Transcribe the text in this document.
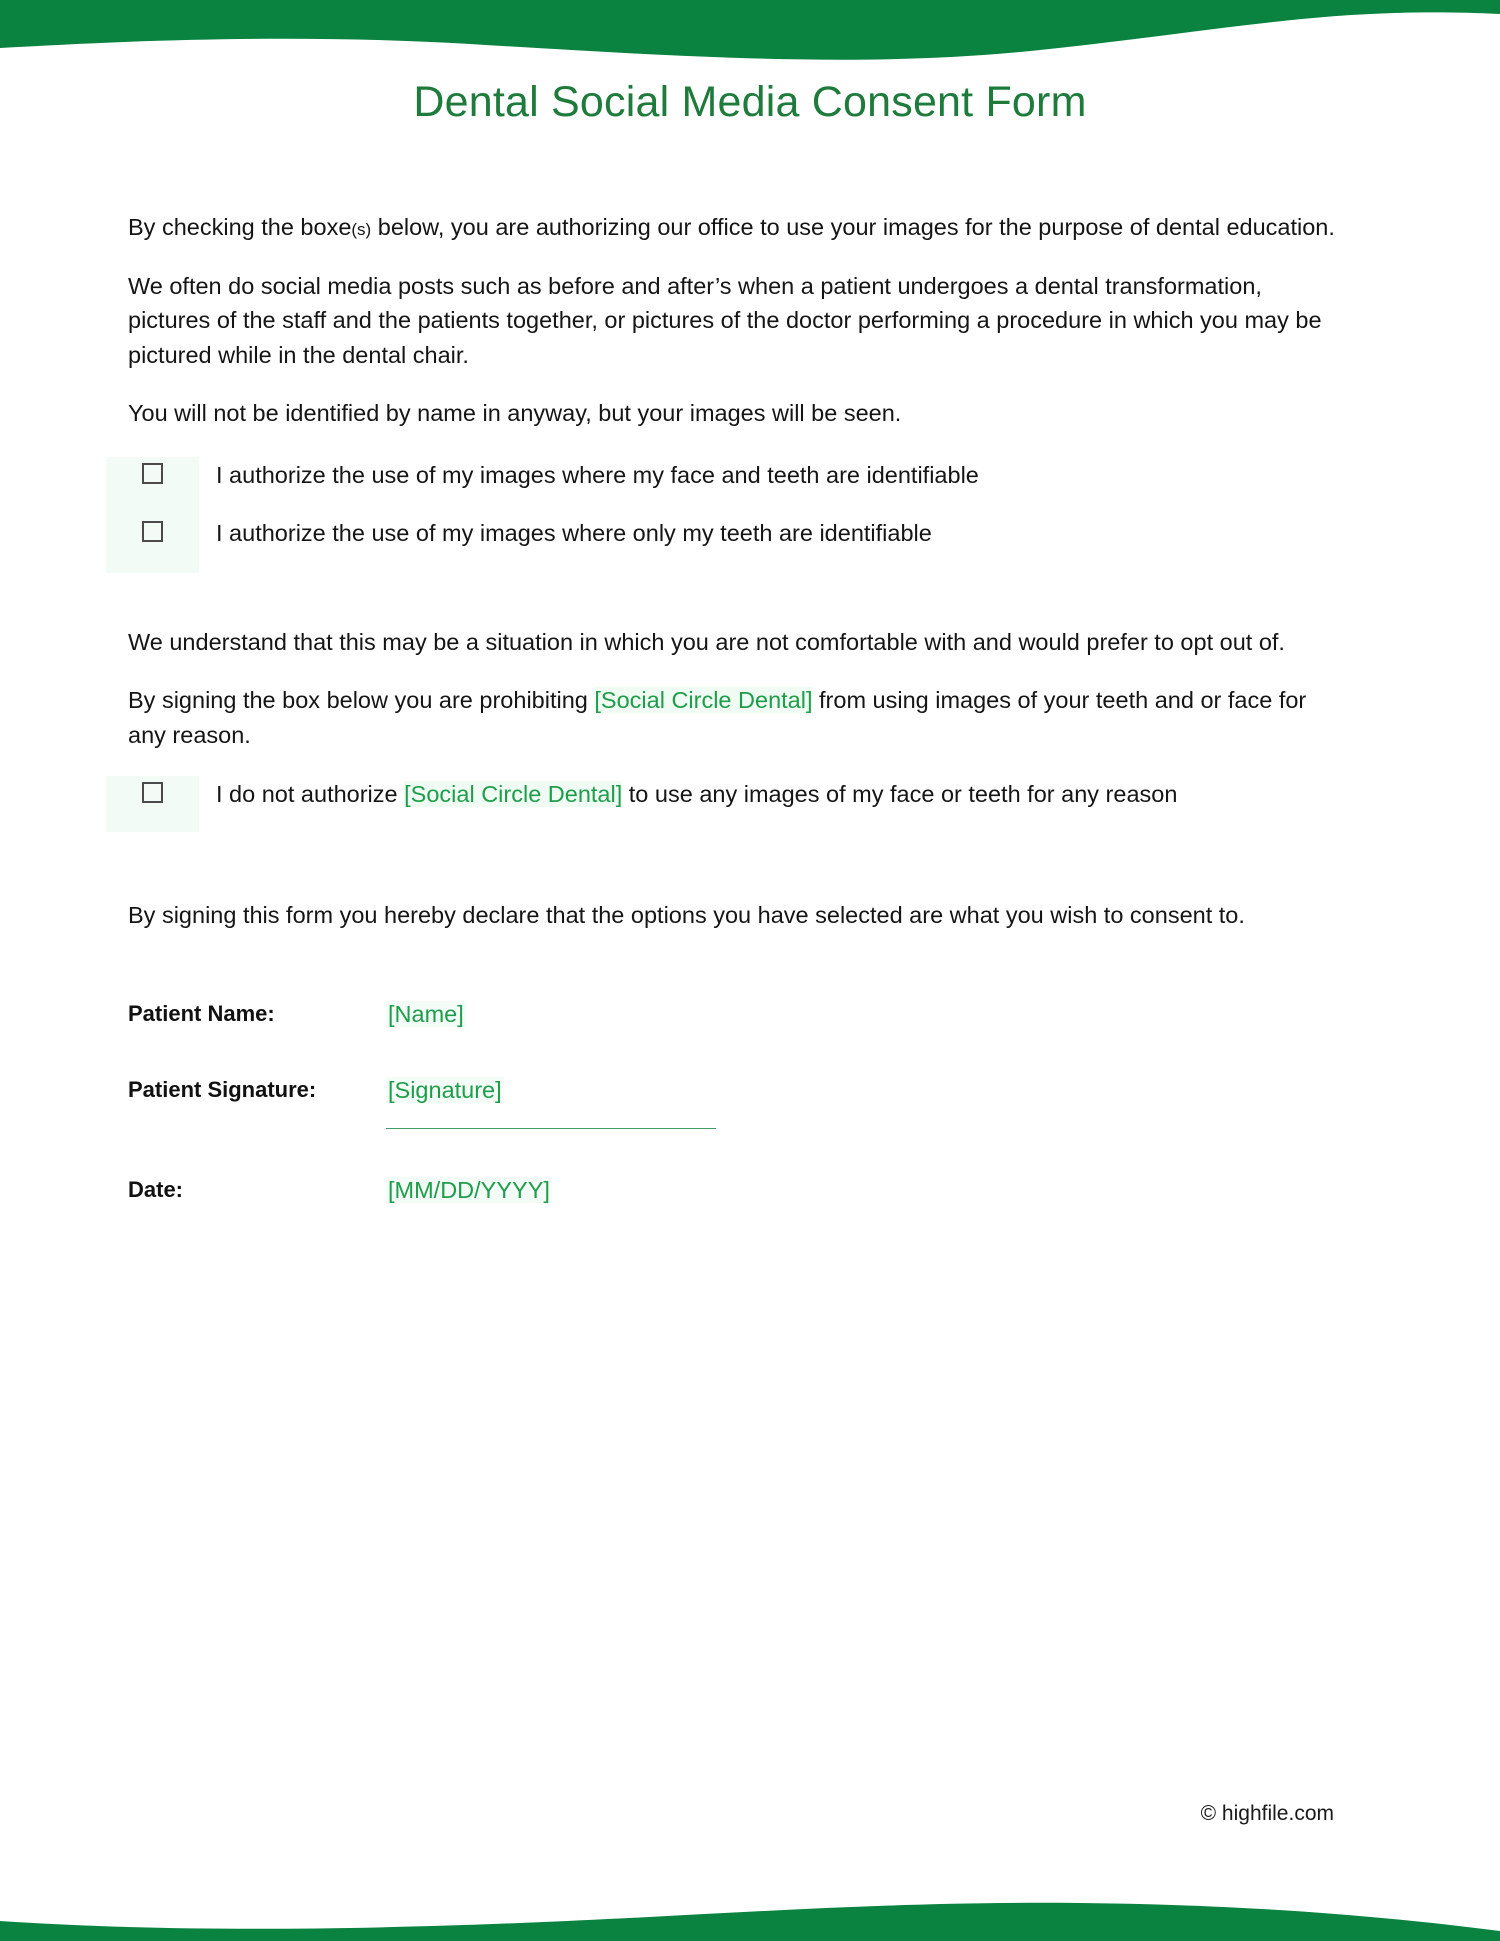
Dental Social Media Consent Form

By checking the boxe(s) below, you are authorizing our office to use your images for the purpose of dental education.

We often do social media posts such as before and after’s when a patient undergoes a dental transformation, pictures of the staff and the patients together, or pictures of the doctor performing a procedure in which you may be pictured while in the dental chair.

You will not be identified by name in anyway, but your images will be seen.

I authorize the use of my images where my face and teeth are identifiable
I authorize the use of my images where only my teeth are identifiable

We understand that this may be a situation in which you are not comfortable with and would prefer to opt out of.

By signing the box below you are prohibiting [Social Circle Dental] from using images of your teeth and or face for any reason.

I do not authorize [Social Circle Dental] to use any images of my face or teeth for any reason

By signing this form you hereby declare that the options you have selected are what you wish to consent to.

Patient Name:	[Name]
Patient Signature:	[Signature]
Date:	[MM/DD/YYYY]
© highfile.com
